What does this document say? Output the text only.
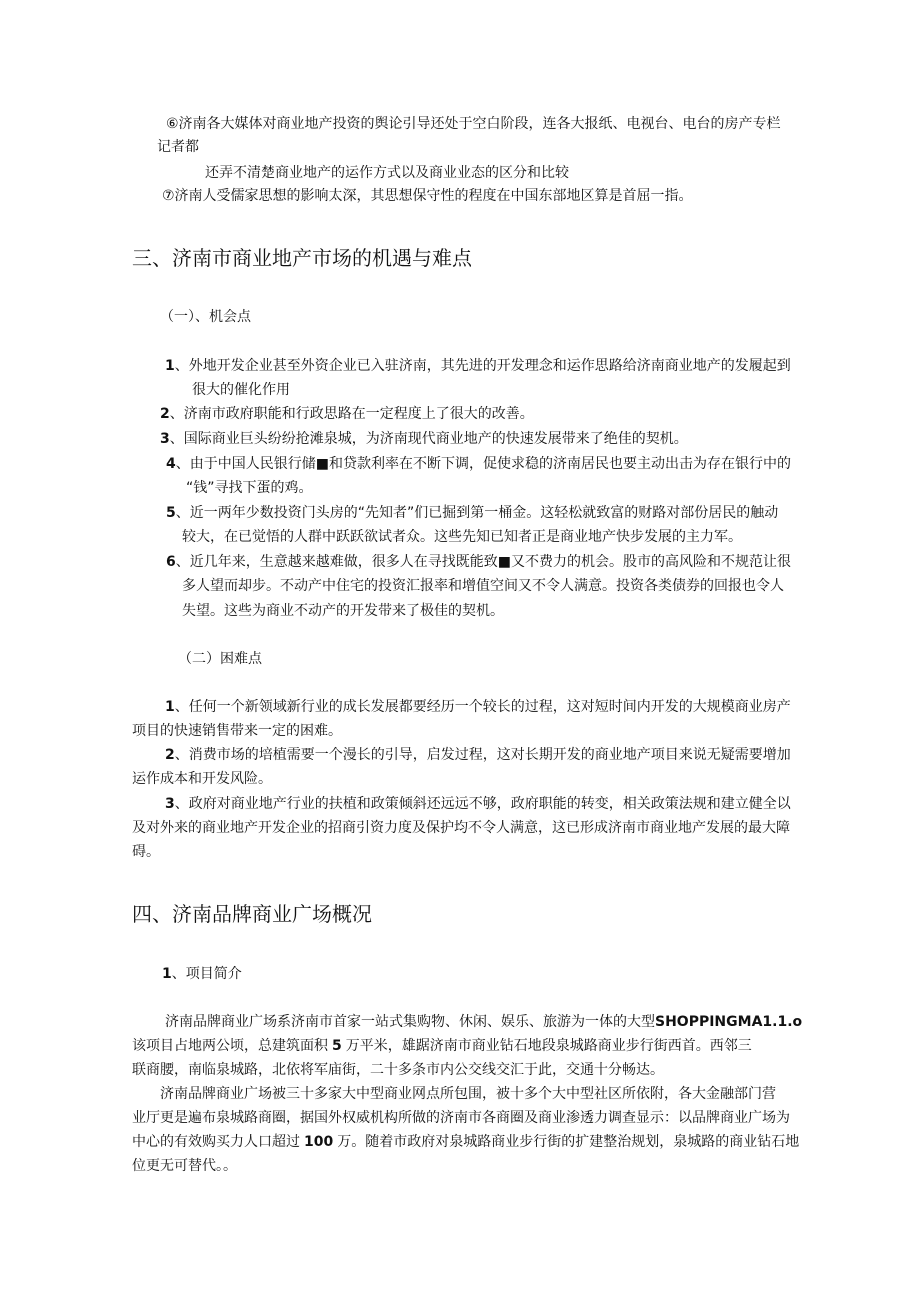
⑥济南各大媒体对商业地产投资的舆论引导还处于空白阶段，连各大报纸、电视台、电台的房产专栏

记者都

还弄不清楚商业地产的运作方式以及商业业态的区分和比较

⑦济南人受儒家思想的影响太深，其思想保守性的程度在中国东部地区算是首屈一指。

三、济南市商业地产市场的机遇与难点

（一）、机会点

1、外地开发企业甚至外资企业已入驻济南，其先进的开发理念和运作思路给济南商业地产的发履起到

很大的催化作用

2、济南市政府职能和行政思路在一定程度上了很大的改善。

3、国际商业巨头纷纷抢滩泉城，为济南现代商业地产的快速发展带来了绝佳的契机。

4、由于中国人民银行储■和贷款利率在不断下调，促使求稳的济南居民也要主动出击为存在银行中的

“钱”寻找下蛋的鸡。

5、近一两年少数投资门头房的“先知者”们已掘到第一桶金。这轻松就致富的财路对部份居民的触动

较大，在已觉悟的人群中跃跃欲试者众。这些先知已知者正是商业地产快步发展的主力军。

6、近几年来，生意越来越难做，很多人在寻找既能致■又不费力的机会。股市的高风险和不规范让很

多人望而却步。不动产中住宅的投资汇报率和增值空间又不令人满意。投资各类债券的回报也令人

失望。这些为商业不动产的开发带来了极佳的契机。

（二）困难点

1、任何一个新领域新行业的成长发展都要经历一个较长的过程，这对短时间内开发的大规模商业房产

项目的快速销售带来一定的困难。

2、消费市场的培植需要一个漫长的引导，启发过程，这对长期开发的商业地产项目来说无疑需要增加

运作成本和开发风险。

3、政府对商业地产行业的扶植和政策倾斜还远远不够，政府职能的转变，相关政策法规和建立健全以

及对外来的商业地产开发企业的招商引资力度及保护均不令人满意，这已形成济南市商业地产发展的最大障

碍。

四、济南品牌商业广场概况

1、项目简介

济南品牌商业广场系济南市首家一站式集购物、休闲、娱乐、旅游为一体的大型SHOPPINGMA1.1.o

该项目占地两公顷，总建筑面积 5 万平米，雄踞济南市商业钻石地段泉城路商业步行街西首。西邻三

联商腰，南临泉城路，北依将军庙街，二十多条市内公交线交汇于此，交通十分畅达。

济南品牌商业广场被三十多家大中型商业网点所包围，被十多个大中型社区所依附，各大金融部门营

业厅更是遍布泉城路商圈，据国外权威机构所做的济南市各商圈及商业渗透力调查显示：以品牌商业广场为

中心的有效购买力人口超过 100 万。随着市政府对泉城路商业步行街的扩建整治规划，泉城路的商业钻石地

位更无可替代。。
